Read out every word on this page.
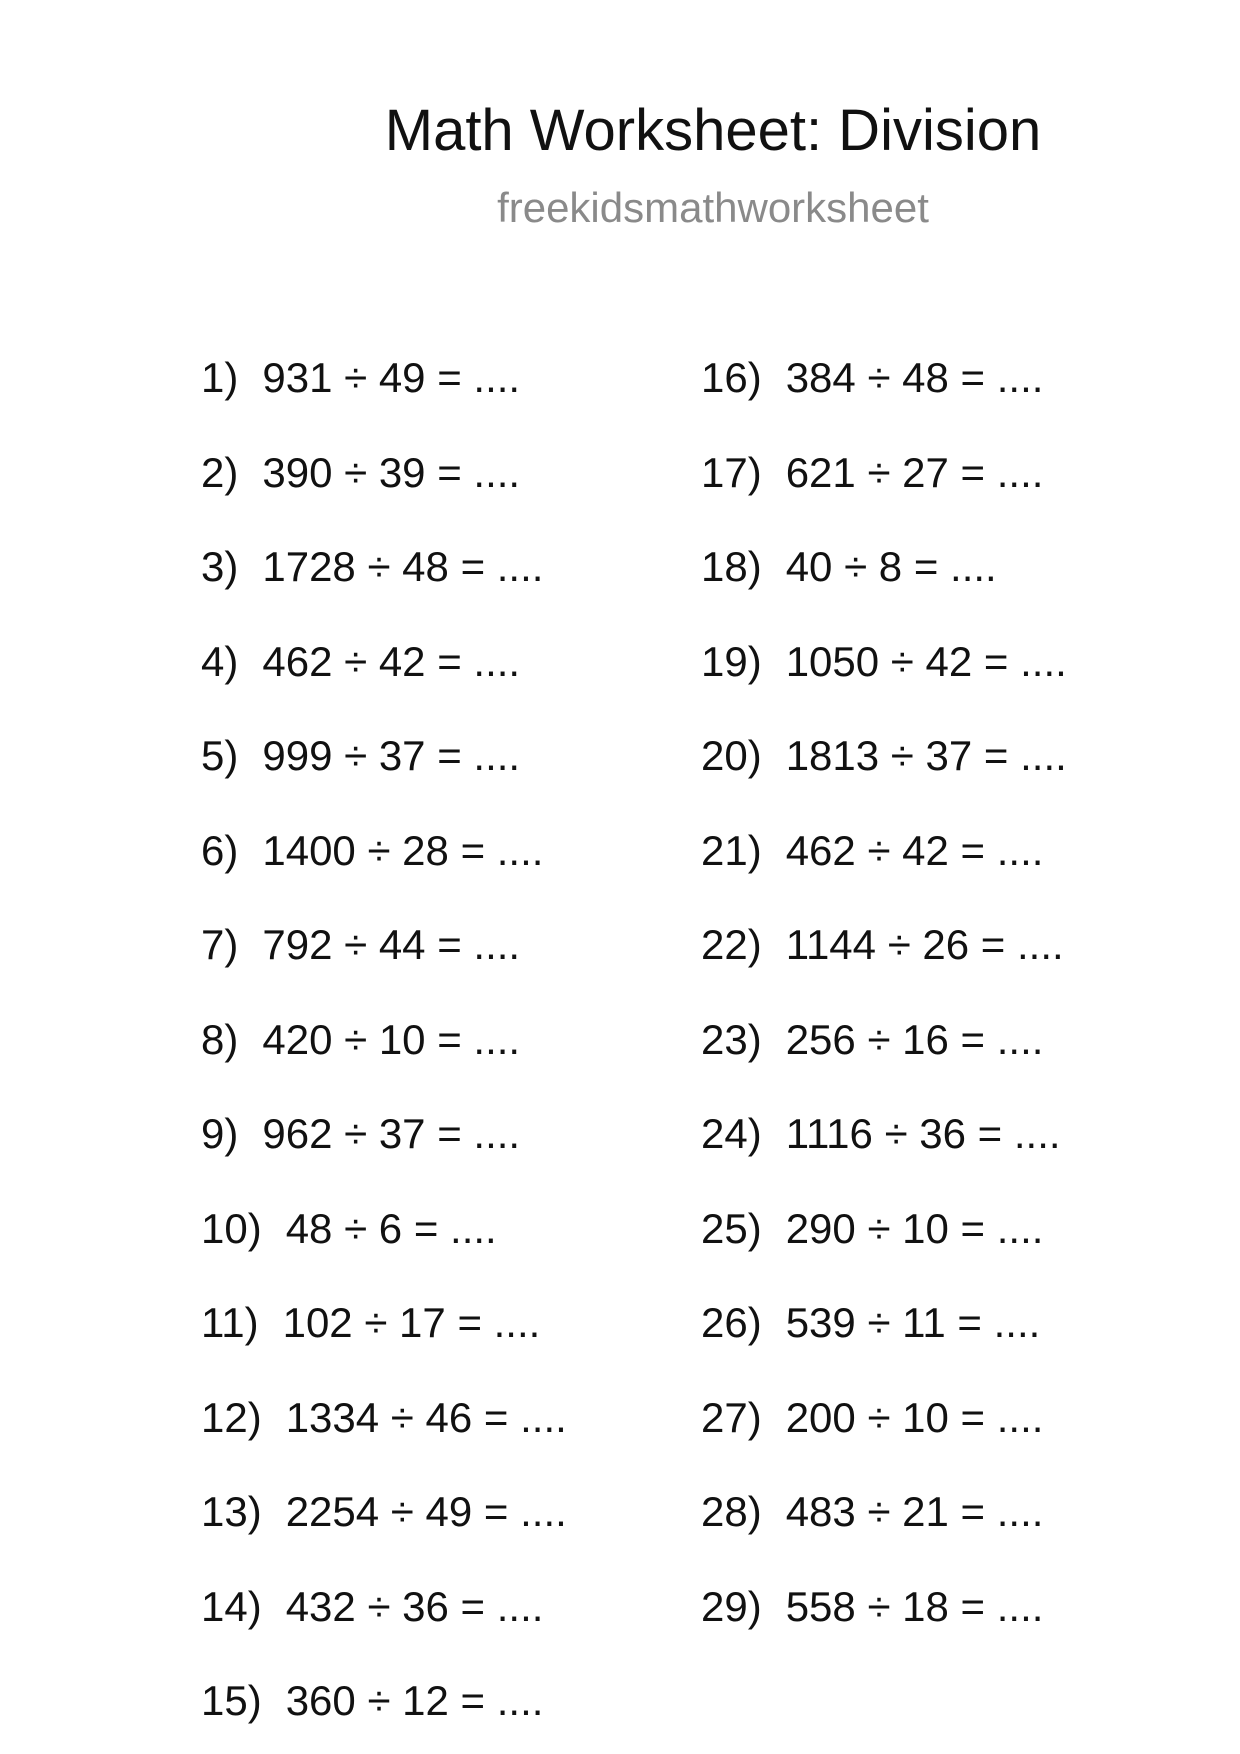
Math Worksheet: Division
freekidsmathworksheet
1) 931 ÷ 49 = ....
2) 390 ÷ 39 = ....
3) 1728 ÷ 48 = ....
4) 462 ÷ 42 = ....
5) 999 ÷ 37 = ....
6) 1400 ÷ 28 = ....
7) 792 ÷ 44 = ....
8) 420 ÷ 10 = ....
9) 962 ÷ 37 = ....
10) 48 ÷ 6 = ....
11) 102 ÷ 17 = ....
12) 1334 ÷ 46 = ....
13) 2254 ÷ 49 = ....
14) 432 ÷ 36 = ....
15) 360 ÷ 12 = ....
16) 384 ÷ 48 = ....
17) 621 ÷ 27 = ....
18) 40 ÷ 8 = ....
19) 1050 ÷ 42 = ....
20) 1813 ÷ 37 = ....
21) 462 ÷ 42 = ....
22) 1144 ÷ 26 = ....
23) 256 ÷ 16 = ....
24) 1116 ÷ 36 = ....
25) 290 ÷ 10 = ....
26) 539 ÷ 11 = ....
27) 200 ÷ 10 = ....
28) 483 ÷ 21 = ....
29) 558 ÷ 18 = ....
